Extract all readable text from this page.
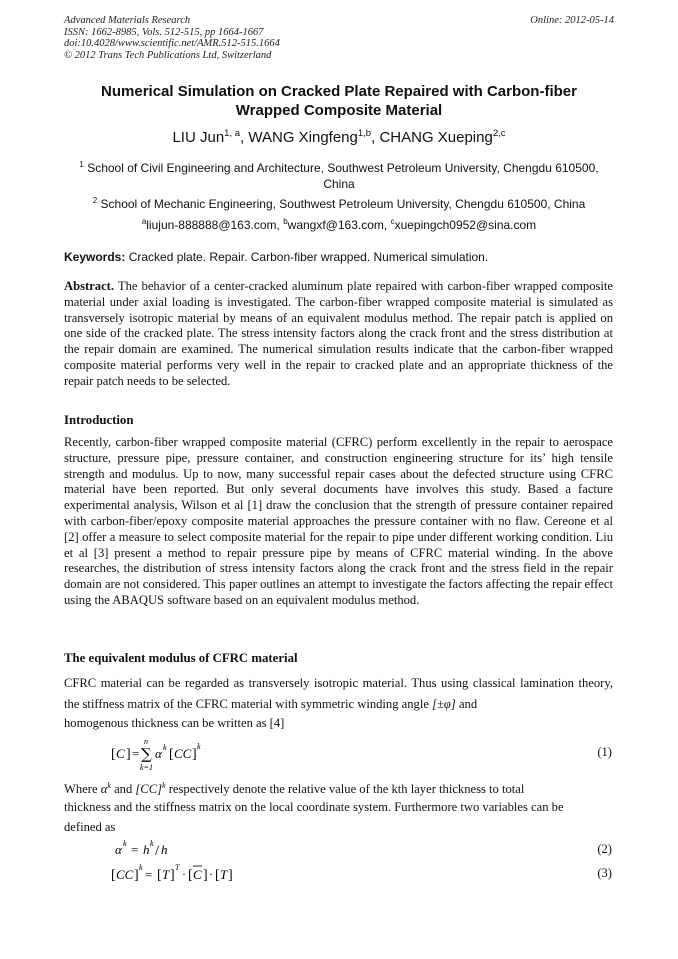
Advanced Materials Research
ISSN: 1662-8985, Vols. 512-515, pp 1664-1667
doi:10.4028/www.scientific.net/AMR.512-515.1664
© 2012 Trans Tech Publications Ltd, Switzerland
Online: 2012-05-14
Numerical Simulation on Cracked Plate Repaired with Carbon-fiber
Wrapped Composite Material
LIU Jun$^{1, a}$, WANG Xingfeng$^{1,b}$, CHANG Xueping$^{2,c}$
$^1$ School of Civil Engineering and Architecture, Southwest Petroleum University, Chengdu 610500,
China
$^2$ School of Mechanic Engineering, Southwest Petroleum University, Chengdu 610500, China
$^a$liujun-888888@163.com, $^b$wangxf@163.com, $^c$xuepingch0952@sina.com
Keywords: Cracked plate. Repair. Carbon-fiber wrapped. Numerical simulation.
Abstract. The behavior of a center-cracked aluminum plate repaired with carbon-fiber wrapped composite material under axial loading is investigated. The carbon-fiber wrapped composite material is simulated as transversely isotropic material by means of an equivalent modulus method. The repair patch is applied on one side of the cracked plate. The stress intensity factors along the crack front and the stress distribution at the repair domain are examined. The numerical simulation results indicate that the carbon-fiber wrapped composite material performs very well in the repair to cracked plate and an appropriate thickness of the repair patch needs to be selected.
Introduction
Recently, carbon-fiber wrapped composite material (CFRC) perform excellently in the repair to aerospace structure, pressure pipe, pressure container, and construction engineering structure for its’ high tensile strength and modulus. Up to now, many successful repair cases about the defected structure using CFRC material have been reported. But only several documents have involves this study. Based a facture experimental analysis, Wilson et al [1] draw the conclusion that the strength of pressure container repaired with carbon-fiber/epoxy composite material approaches the pressure container with no flaw. Cereone et al [2] offer a measure to select composite material for the repair to pipe under different working condition. Liu et al [3] present a method to repair pressure pipe by means of CFRC material winding. In the above researches, the distribution of stress intensity factors along the crack front and the stress field in the repair domain are not considered. This paper outlines an attempt to investigate the factors affecting the repair effect using the ABAQUS software based on an equivalent modulus method.
The equivalent modulus of CFRC material
CFRC material can be regarded as transversely isotropic material. Thus using classical lamination theory, the stiffness matrix of the CFRC material with symmetric winding angle [±φ] and
homogenous thickness can be written as [4]
[ C ] =
n
∑
k=1
α k [ CC ]
k	(1)
Where $\alpha^k$ and [CC]$^k$ respectively denote the relative value of the kth layer thickness to total
thickness and the stiffness matrix on the local coordinate system. Furthermore two variables can be
defined as
α k = h k / h	(2)
[ CC ]
k = [ T ]
T · [ C ] · [ T ]	(3)
